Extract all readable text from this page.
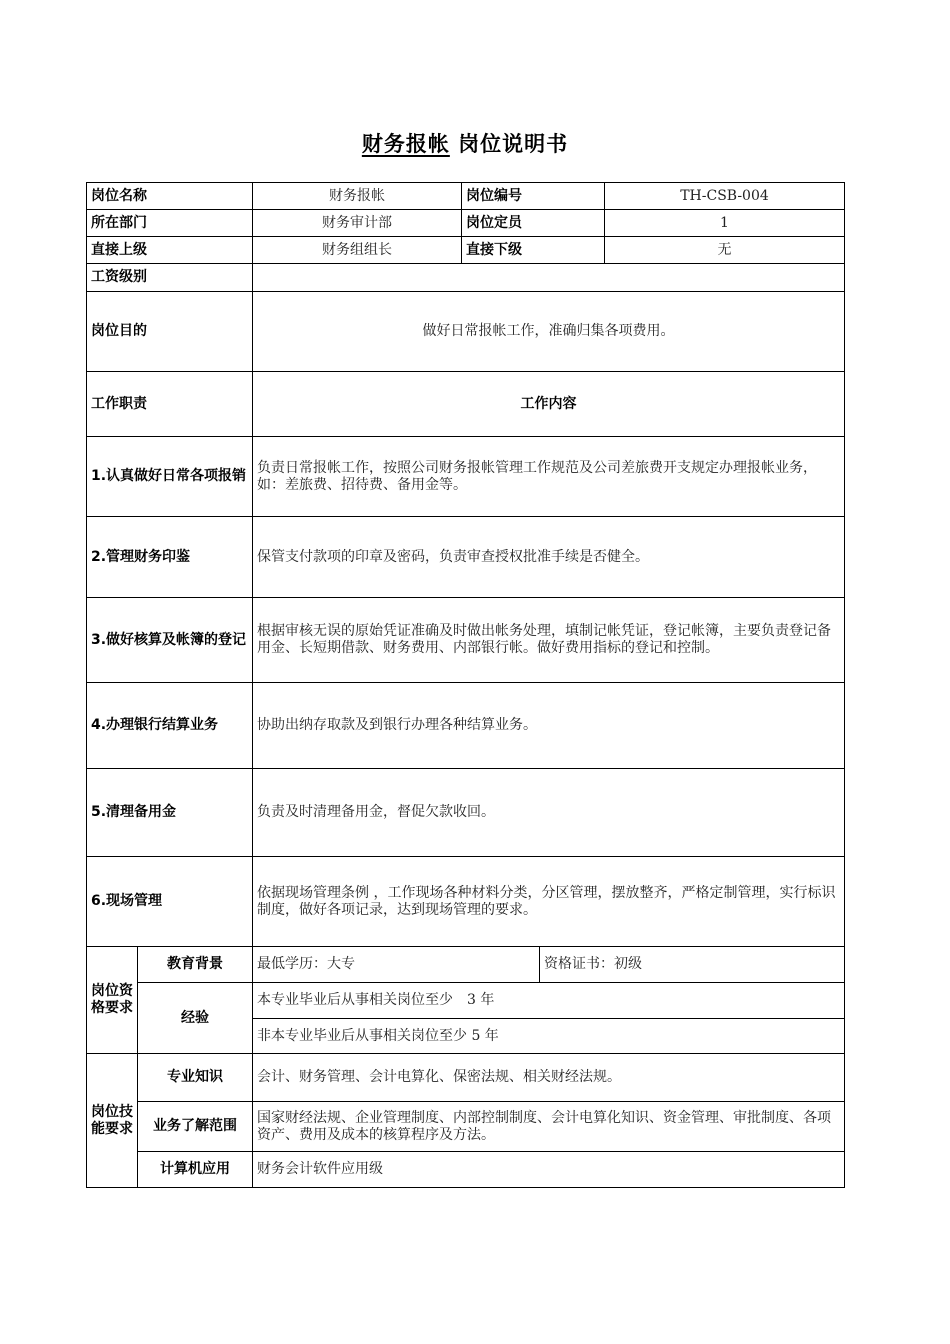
财务报帐 岗位说明书
岗位名称		财务报帐	岗位编号		TH-CSB-004
所在部门		财务审计部	岗位定员		1
直接上级		财务组组长	直接下级		无
工资级别					
岗位目的		做好日常报帐工作，准确归集各项费用。			
工作职责		工作内容			
1.认真做好日常各项报销		负责日常报帐工作，按照公司财务报帐管理工作规范及公司差旅费开支规定办理报帐业务，如：差旅费、招待费、备用金等。			
2.管理财务印鉴		保管支付款项的印章及密码，负责审查授权批准手续是否健全。			
3.做好核算及帐簿的登记		根据审核无误的原始凭证准确及时做出帐务处理，填制记帐凭证，登记帐簿，主要负责登记备用金、长短期借款、财务费用、内部银行帐。做好费用指标的登记和控制。			
4.办理银行结算业务		协助出纳存取款及到银行办理各种结算业务。			
5.清理备用金		负责及时清理备用金，督促欠款收回。			
6.现场管理		依据现场管理条例 ，工作现场各种材料分类，分区管理，摆放整齐，严格定制管理，实行标识制度，做好各项记录，达到现场管理的要求。			
岗位资格要求	教育背景	最低学历：大专		资格证书：初级	
	经验	本专业毕业后从事相关岗位至少　3 年			
		非本专业毕业后从事相关岗位至少 5 年			
岗位技能要求	专业知识	会计、财务管理、会计电算化、保密法规、相关财经法规。			
	业务了解范围	国家财经法规、企业管理制度、内部控制制度、会计电算化知识、资金管理、审批制度、各项资产、费用及成本的核算程序及方法。			
	计算机应用	财务会计软件应用级			
